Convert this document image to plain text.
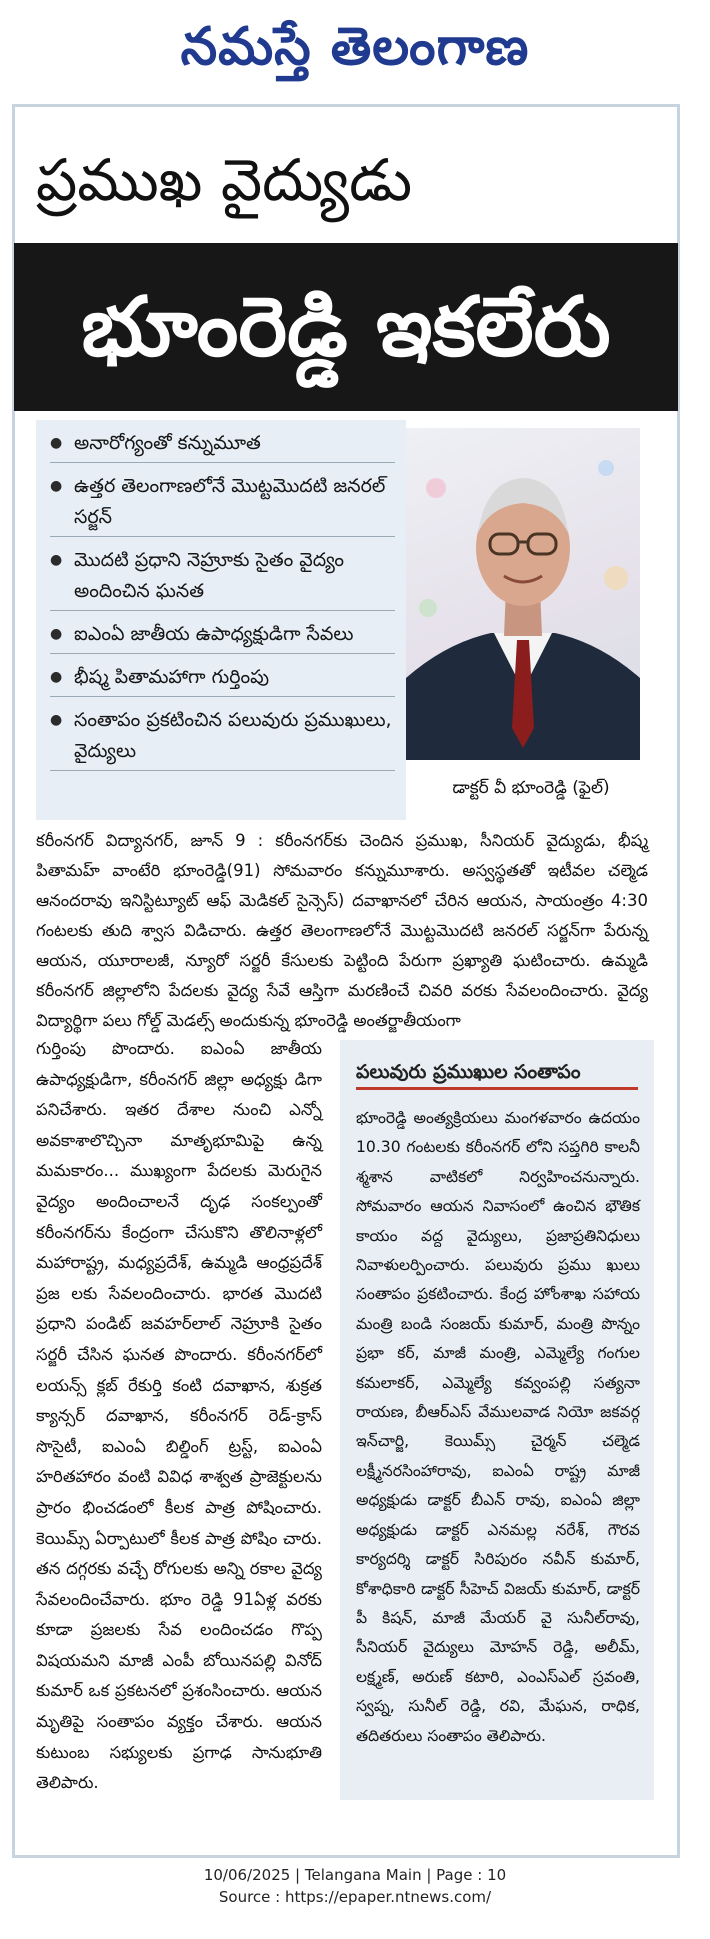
నమస్తే తెలంగాణ
ప్రముఖ వైద్యుడు
భూంరెడ్డి ఇకలేరు
● అనారోగ్యంతో కన్నుమూత
● ఉత్తర తెలంగాణలోనే మొట్టమొదటి జనరల్ సర్జన్
● మొదటి ప్రధాని నెహ్రూకు సైతం వైద్యం అందించిన ఘనత
● ఐఎంఏ జాతీయ ఉపాధ్యక్షుడిగా సేవలు
● భీష్మ పితామహాగా గుర్తింపు
● సంతాపం ప్రకటించిన పలువురు ప్రముఖులు, వైద్యులు
డాక్టర్ వీ భూంరెడ్డి (ఫైల్)
కరీంనగర్ విద్యానగర్, జూన్ 9 : కరీంనగర్‌కు చెందిన ప్రముఖ, సీనియర్ వైద్యుడు, భీష్మ పితామహ్ వాంటేరి భూంరెడ్డి(91) సోమవారం కన్నుమూశారు. అస్వస్థతతో ఇటీవల చల్మెడ ఆనందరావు ఇనిస్టిట్యూట్ ఆఫ్ మెడికల్ సైన్సెస్) దవాఖానలో చేరిన ఆయన, సాయంత్రం 4:30 గంటలకు తుది శ్వాస విడిచారు. ఉత్తర తెలంగాణలోనే మొట్టమొదటి జనరల్ సర్జన్‌గా పేరున్న ఆయన, యూరాలజీ, న్యూరో సర్జరీ కేసులకు పెట్టింది పేరుగా ప్రఖ్యాతి ఘటించారు. ఉమ్మడి కరీంనగర్ జిల్లాలోని పేదలకు వైద్య సేవే ఆస్తిగా మరణించే చివరి వరకు సేవలందించారు. వైద్య విద్యార్థిగా పలు గోల్డ్ మెడల్స్ అందుకున్న భూంరెడ్డి అంతర్జాతీయంగా
గుర్తింపు పొందారు. ఐఎంఏ జాతీయ ఉపాధ్యక్షుడిగా, కరీంనగర్ జిల్లా అధ్యక్షు డిగా పనిచేశారు. ఇతర దేశాల నుంచి ఎన్నో అవకాశాలొచ్చినా మాతృభూమిపై ఉన్న మమకారం... ముఖ్యంగా పేదలకు మెరుగైన వైద్యం అందించాలనే దృఢ సంకల్పంతో కరీంనగర్‌ను కేంద్రంగా చేసుకొని తొలినాళ్లలో మహారాష్ట్ర, మధ్యప్రదేశ్, ఉమ్మడి ఆంధ్రప్రదేశ్ ప్రజ లకు సేవలందించారు. భారత మొదటి ప్రధాని పండిట్ జవహర్‌లాల్ నెహ్రూకి సైతం సర్జరీ చేసిన ఘనత పొందారు. కరీంనగర్‌లో లయన్స్ క్లబ్ రేకుర్తి కంటి దవాఖాన, శుక్రత క్యాన్సర్ దవాఖాన, కరీంనగర్ రెడ్-క్రాస్ సొసైటీ, ఐఎంఏ బిల్డింగ్ ట్రస్ట్, ఐఎంఏ హరితహారం వంటి వివిధ శాశ్వత ప్రాజెక్టులను ప్రారం భించడంలో కీలక పాత్ర పోషించారు. కెయిమ్స్ ఏర్పాటులో కీలక పాత్ర పోషిం చారు. తన దగ్గరకు వచ్చే రోగులకు అన్ని రకాల వైద్య సేవలందించేవారు. భూం రెడ్డి 91ఏళ్ల వరకు కూడా ప్రజలకు సేవ లందించడం గొప్ప విషయమని మాజీ ఎంపీ బోయినపల్లి వినోద్ కుమార్ ఒక ప్రకటనలో ప్రశంసించారు. ఆయన మృతిపై సంతాపం వ్యక్తం చేశారు. ఆయన కుటుంబ సభ్యులకు ప్రగాఢ సానుభూతి తెలిపారు.
పలువురు ప్రముఖుల సంతాపం
భూంరెడ్డి అంత్యక్రియలు మంగళవారం ఉదయం 10.30 గంటలకు కరీంనగర్ లోని సప్తగిరి కాలనీ శ్మశాన వాటికలో నిర్వహించనున్నారు. సోమవారం ఆయన నివాసంలో ఉంచిన భౌతిక కాయం వద్ద వైద్యులు, ప్రజాప్రతినిధులు నివాళులర్పించారు. పలువురు ప్రము ఖులు సంతాపం ప్రకటించారు. కేంద్ర హోంశాఖ సహాయ మంత్రి బండి సంజయ్ కుమార్, మంత్రి పొన్నం ప్రభా కర్, మాజీ మంత్రి, ఎమ్మెల్యే గంగుల కమలాకర్, ఎమ్మెల్యే కవ్వంపల్లి సత్యనా రాయణ, బీఆర్ఎస్ వేములవాడ నియో జకవర్గ ఇన్‌చార్జి, కెయిమ్స్ చైర్మన్ చల్మెడ లక్ష్మీనరసింహారావు, ఐఎంఏ రాష్ట్ర మాజీ అధ్యక్షుడు డాక్టర్ బీఎన్ రావు, ఐఎంఏ జిల్లా అధ్యక్షుడు డాక్టర్ ఎనమల్ల నరేశ్, గౌరవ కార్యదర్శి డాక్టర్ సిరిపురం నవీన్ కుమార్, కోశాధికారి డాక్టర్ సీహెచ్ విజయ్ కుమార్, డాక్టర్ పీ కిషన్, మాజీ మేయర్ వై సునీల్‌రావు, సీనియర్ వైద్యులు మోహన్ రెడ్డి, అలీమ్, లక్ష్మణ్, అరుణ్ కటారి, ఎంఎస్ఎల్ స్రవంతి, స్వప్న, సునీల్ రెడ్డి, రవి, మేఘన, రాధిక, తదితరులు సంతాపం తెలిపారు.
10/06/2025 | Telangana Main | Page : 10
Source : https://epaper.ntnews.com/
